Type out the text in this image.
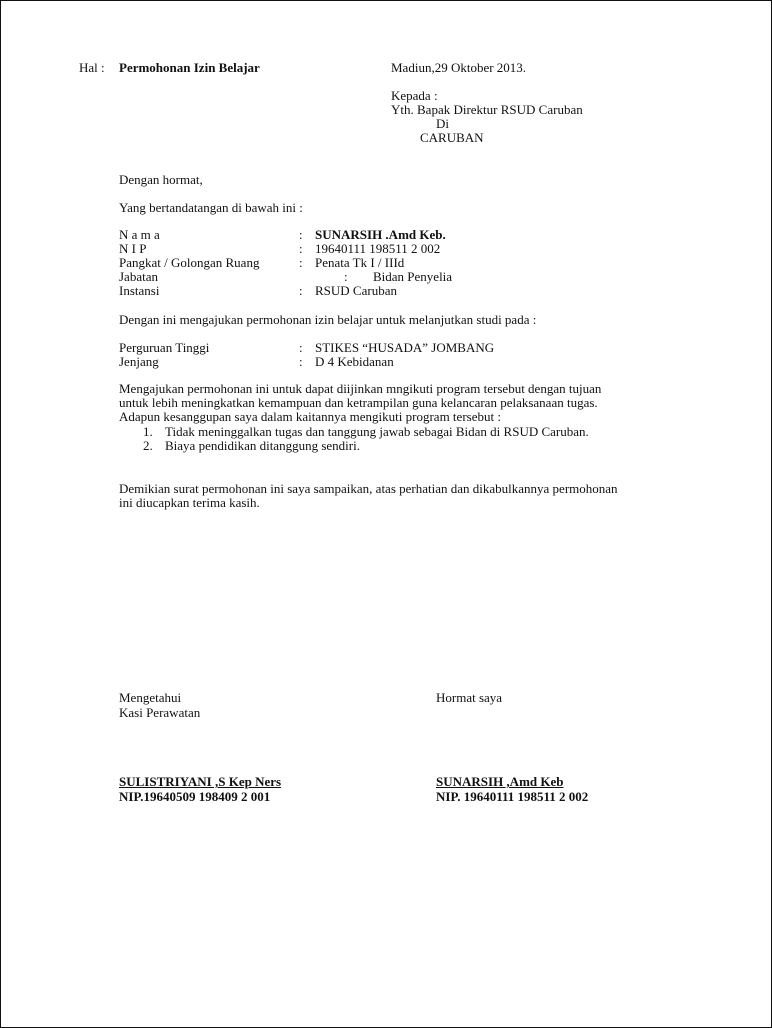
Hal : Permohonan Izin Belajar	Madiun,29 Oktober 2013.
Kepada :
Yth. Bapak Direktur RSUD Caruban
Di
CARUBAN
Dengan hormat,
Yang bertandatangan di bawah ini :
N a m a	: SUNARSIH .Amd Keb.
N I P	: 19640111 198511 2 002
Pangkat / Golongan Ruang	: Penata Tk I / IIId
Jabatan	: Bidan Penyelia
Instansi	: RSUD Caruban
Dengan ini mengajukan permohonan izin belajar untuk melanjutkan studi pada :
Perguruan Tinggi	: STIKES “HUSADA” JOMBANG
Jenjang	: D 4 Kebidanan
Mengajukan permohonan ini untuk dapat diijinkan mngikuti program tersebut dengan tujuan
untuk lebih meningkatkan kemampuan dan ketrampilan guna kelancaran pelaksanaan tugas.
Adapun kesanggupan saya dalam kaitannya mengikuti program tersebut :
1. Tidak meninggalkan tugas dan tanggung jawab sebagai Bidan di RSUD Caruban.
2. Biaya pendidikan ditanggung sendiri.
Demikian surat permohonan ini saya sampaikan, atas perhatian dan dikabulkannya permohonan
ini diucapkan terima kasih.
Mengetahui
Kasi Perawatan
Hormat saya
SULISTRIYANI ,S Kep Ners
NIP.19640509 198409 2 001
SUNARSIH ,Amd Keb
NIP. 19640111 198511 2 002
